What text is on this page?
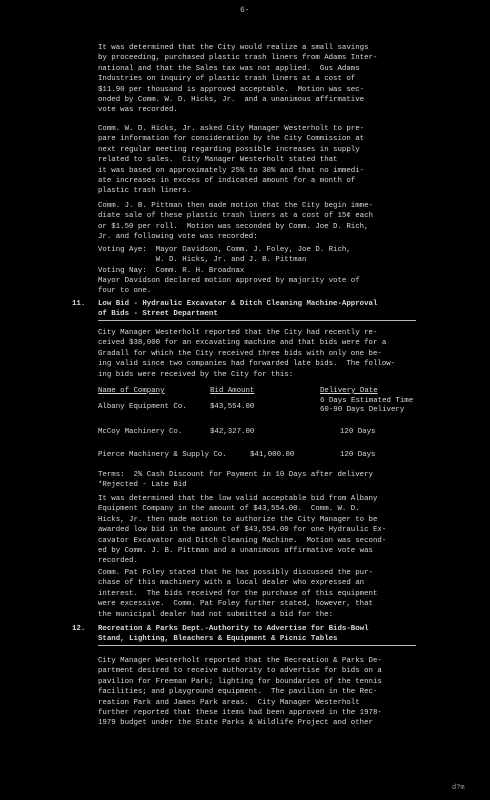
6-
It was determined that the City would realize a small savings
by proceeding, purchased plastic trash liners from Adams Inter-
national and that the Sales tax was not applied.  Gus Adams
Industries on inquiry of plastic trash liners at a cost of
$11.90 per thousand is approved acceptable.  Motion was sec-
onded by Comm. W. D. Hicks, Jr.  and a unanimous affirmative
vote was recorded.
Comm. W. D. Hicks, Jr. asked City Manager Westerholt to pre-
pare information for consideration by the City Commission at
next regular meeting regarding possible increases in supply
related to sales.  City Manager Westerholt stated that
it was based on approximately 25% to 30% and that no immedi-
ate increases in excess of indicated amount for a month of
plastic trash liners.
Comm. J. B. Pittman then made motion that the City begin imme-
diate sale of these plastic trash liners at a cost of 15¢ each
or $1.50 per roll.  Motion was seconded by Comm. Joe D. Rich,
Jr. and following vote was recorded:
Voting Aye:  Mayor Davidson, Comm. J. Foley, Joe D. Rich,
W. D. Hicks, Jr. and J. B. Pittman
Voting Nay:  Comm. R. H. Broadnax
Mayor Davidson declared motion approved by majority vote of
four to one.
11. Low Bid - Hydraulic Excavator & Ditch Cleaning Machine-Approval
of Bids - Street Department
City Manager Westerholt reported that the City had recently re-
ceived $38,000 for an excavating machine and that bids were for a
Gradall for which the City received three bids with only one be-
ing valid since two companies had forwarded late bids.  The follow-
ing bids were received by the City for this:
Name of Company	Bid Amount	Delivery Date
Albany Equipment Co.	$43,554.00
6 Days Estimated Time
60-90 Days Delivery
McCoy Machinery Co.	$42,327.00	120 Days
Pierce Machinery & Supply Co.	$41,000.00	120 Days
Terms:  2% Cash Discount for Payment in 10 Days after delivery
*Rejected - Late Bid
It was determined that the low valid acceptable bid from Albany
Equipment Company in the amount of $43,554.00.  Comm. W. D.
Hicks, Jr. then made motion to authorize the City Manager to be
awarded low bid in the amount of $43,554.00 for one Hydraulic Ex-
cavator Excavator and Ditch Cleaning Machine.  Motion was second-
ed by Comm. J. B. Pittman and a unanimous affirmative vote was
recorded.
Comm. Pat Foley stated that he has possibly discussed the pur-
chase of this machinery with a local dealer who expressed an
interest.  The bids received for the purchase of this equipment
were excessive.  Comm. Pat Foley further stated, however, that
the municipal dealer had not submitted a bid for the:
12. Recreation & Parks Dept.-Authority to Advertise for Bids-Bowl
Stand, Lighting, Bleachers & Equipment & Picnic Tables
City Manager Westerholt reported that the Recreation & Parks De-
partment desired to receive authority to advertise for bids on a
pavilion for Freeman Park; lighting for boundaries of the tennis
facilities; and playground equipment.  The pavilion in the Rec-
reation Park and James Park areas.  City Manager Westerholt
further reported that these items had been approved in the 1978-
1979 budget under the State Parks & Wildlife Project and other
d?m
